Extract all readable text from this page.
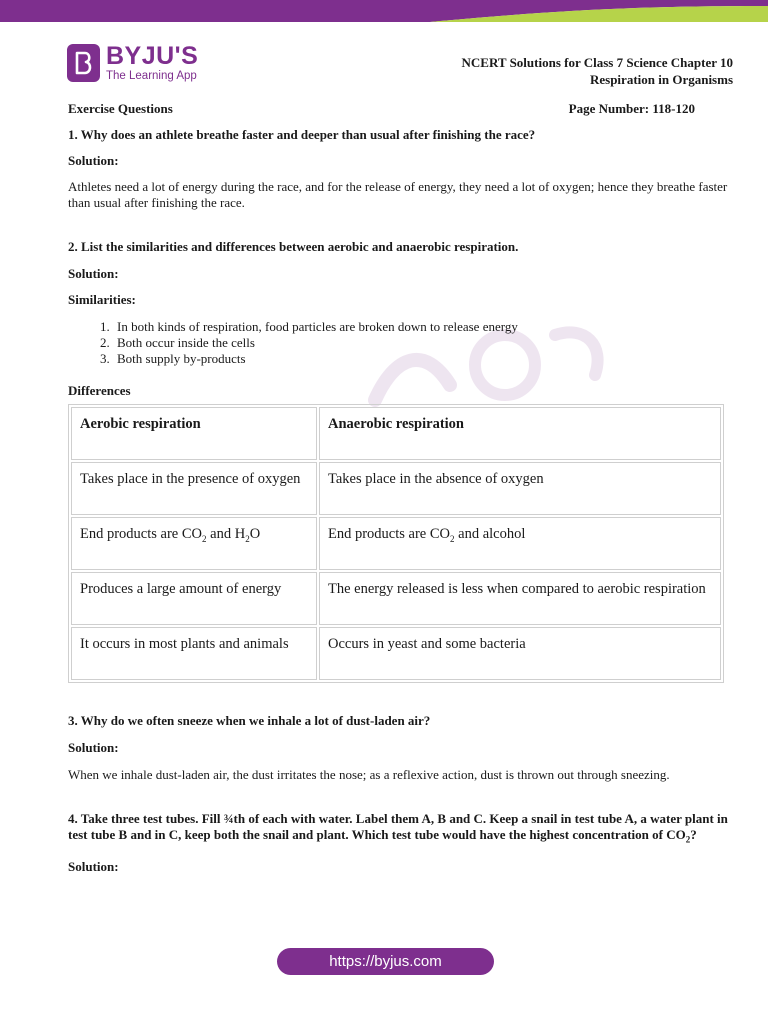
BYJU'S
The Learning App
NCERT Solutions for Class 7 Science Chapter 10
Respiration in Organisms
Exercise Questions	Page Number: 118-120

1. Why does an athlete breathe faster and deeper than usual after finishing the race?

Solution:

Athletes need a lot of energy during the race, and for the release of energy, they need a lot of oxygen; hence they breathe faster than usual after finishing the race.

2. List the similarities and differences between aerobic and anaerobic respiration.

Solution:

Similarities:

1. In both kinds of respiration, food particles are broken down to release energy
2. Both occur inside the cells
3. Both supply by-products

Differences

Aerobic respiration	Anaerobic respiration
Takes place in the presence of oxygen	Takes place in the absence of oxygen
End products are $CO_2$ and $H_2O$	End products are $CO_2$ and alcohol
Produces a large amount of energy	The energy released is less when compared to aerobic respiration
It occurs in most plants and animals	Occurs in yeast and some bacteria

3. Why do we often sneeze when we inhale a lot of dust-laden air?

Solution:

When we inhale dust-laden air, the dust irritates the nose; as a reflexive action, dust is thrown out through sneezing.

4. Take three test tubes. Fill ¾th of each with water. Label them A, B and C. Keep a snail in test tube A, a water plant in test tube B and in C, keep both the snail and plant. Which test tube would have the highest concentration of $CO_2$?

Solution:

https://byjus.com
